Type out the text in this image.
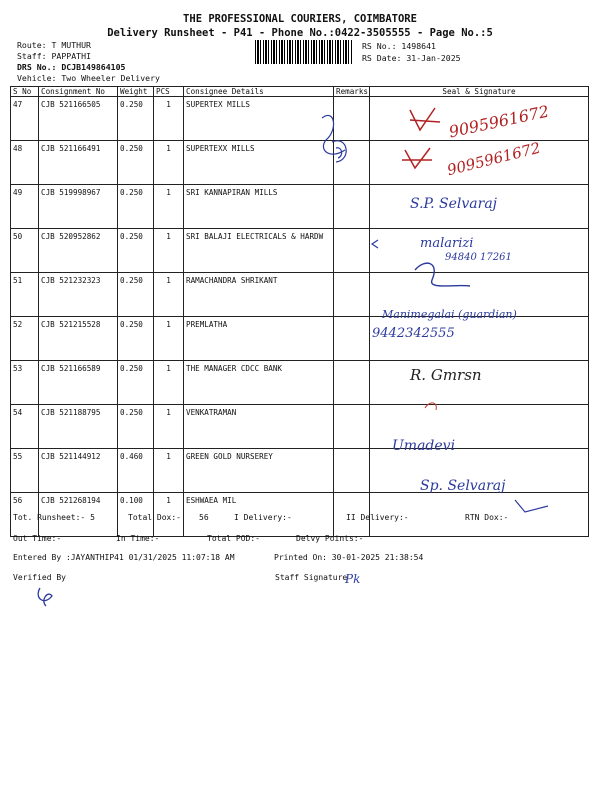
THE PROFESSIONAL COURIERS, COIMBATORE
Delivery Runsheet - P41 - Phone No.:0422-3505555 - Page No.:5
Route: T MUTHUR
Staff: PAPPATHI
DRS No.: DCJB149864105
Vehicle: Two Wheeler Delivery
RS No.: 1498641
RS Date: 31-Jan-2025
S No	Consignment No	Weight	PCS	Consignee Details	Remarks	Seal & Signature
47	CJB 521166505	0.250	1	SUPERTEX MILLS		
48	CJB 521166491	0.250	1	SUPERTEXX MILLS		
49	CJB 519998967	0.250	1	SRI KANNAPIRAN MILLS		
50	CJB 520952862	0.250	1	SRI BALAJI ELECTRICALS & HARDW		
51	CJB 521232323	0.250	1	RAMACHANDRA SHRIKANT		
52	CJB 521215528	0.250	1	PREMLATHA		
53	CJB 521166589	0.250	1	THE MANAGER CDCC BANK		
54	CJB 521188795	0.250	1	VENKATRAMAN		
55	CJB 521144912	0.460	1	GREEN GOLD NURSEREY		
56	CJB 521268194	0.100	1	ESHWAEA MIL		
9095961672
9095961672
S.P. Selvaraj
malarizi
94840 17261
Manimegalai (guardian)
9442342555
R. Gmrsn
Umadevi
Sp. Selvaraj
Pk
Tot. Runsheet:- 5	Total Dox:- 56	I Delivery:-	II Delivery:-	RTN Dox:-
Out Time:-	In Time:-	Total POD:-	Delvy Points:-
Entered By :JAYANTHIP41 01/31/2025 11:07:18 AM	Printed On: 30-01-2025 21:38:54
Verified By	Staff Signature
